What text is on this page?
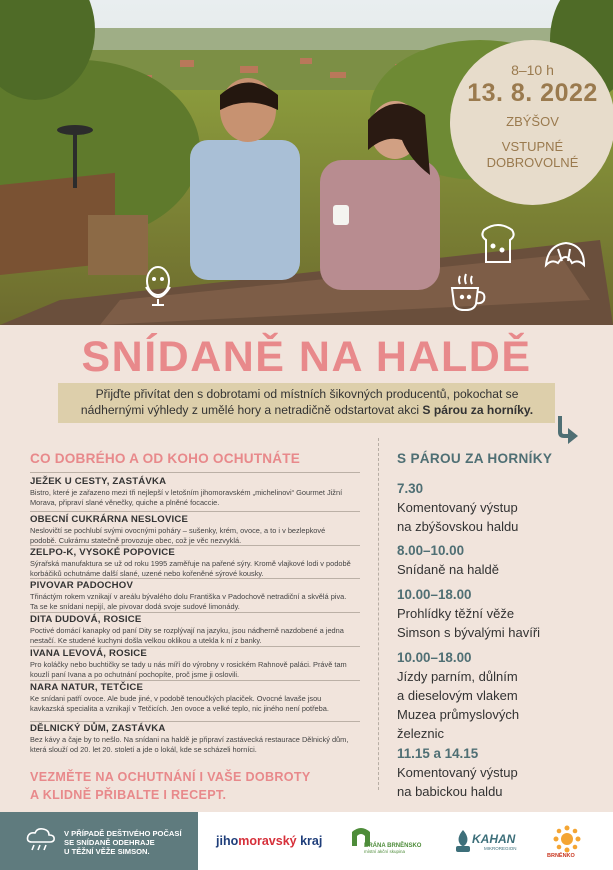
8–10 h
13. 8. 2022
ZBÝŠOV
VSTUPNÉ
DOBROVOLNÉ
SNÍDANĚ NA HALDĚ
Přijďte přivítat den s dobrotami od místních šikovných producentů, pokochat se
nádhernými výhledy z umělé hory a netradičně odstartovat akci S párou za horníky.
CO DOBRÉHO A OD KOHO OCHUTNÁTE
JEŽEK U CESTY, ZASTÁVKA
Bistro, které je zařazeno mezi tři nejlepší v letošním jihomoravském „michelinovi“ Gourmet Jižní Morava, připraví slané věnečky, quiche a plněné focaccie.
OBECNÍ CUKRÁRNA NESLOVICE
Neslovičtí se pochlubí svými ovocnými poháry – sušenky, krém, ovoce, a to i v bezlepkové podobě. Cukrárnu statečně provozuje obec, což je věc nezvyklá.
ZELPO-K, VYSOKÉ POPOVICE
Sýrařská manufaktura se už od roku 1995 zaměřuje na pařené sýry. Kromě vlajkové lodi v podobě korbáčiků ochutnáme další slané, uzené nebo kořeněné sýrové kousky.
PIVOVAR PADOCHOV
Třináctým rokem vznikají v areálu bývalého dolu Františka v Padochově netradiční a skvělá piva. Ta se ke snídani nepijí, ale pivovar dodá svoje sudové limonády.
DITA DUDOVÁ, ROSICE
Poctivé domácí kanapky od paní Dity se rozplývají na jazyku, jsou nádherně nazdobené a jedna nestačí. Ke studené kuchyni došla velkou oklikou a utekla k ní z banky.
IVANA LEVOVÁ, ROSICE
Pro koláčky nebo buchtičky se tady u nás míří do výrobny v rosickém Rahnově paláci. Právě tam kouzlí paní Ivana a po ochutnání pochopíte, proč jsme ji oslovili.
NARA NATUR, TETČICE
Ke snídani patří ovoce. Ale bude jiné, v podobě tenoučkých placiček. Ovocné lavaše jsou kavkazská specialita a vznikají v Tetčicích. Jen ovoce a velké teplo, nic jiného není potřeba.
DĚLNICKÝ DŮM, ZASTÁVKA
Bez kávy a čaje by to nešlo. Na snídani na haldě je připraví zastávecká restaurace Dělnický dům, která slouží od 20. let 20. století a jde o lokál, kde se scházeli horníci.
VEZMĚTE NA OCHUTNÁNÍ I VAŠE DOBROTY
A KLIDNĚ PŘIBALTE I RECEPT.
S PÁROU ZA HORNÍKY
7.30
Komentovaný výstup
na zbýšovskou haldu
8.00–10.00
Snídaně na haldě
10.00–18.00
Prohlídky těžní věže
Simson s bývalými havíři
10.00–18.00
Jízdy parním, důlním
a dieselovým vlakem
Muzea průmyslových
železnic
11.15 a 14.15
Komentovaný výstup
na babickou haldu
V PŘÍPADĚ DEŠTIVÉHO POČASÍ
SE SNÍDANĚ ODEHRAJE
U TĚŽNÍ VĚŽE SIMSON.
jihomoravský kraj	BRÁNA BRNĚNSKO
místní akční skupina
KAHAN
MIKROREGION
BRNĚNKO
